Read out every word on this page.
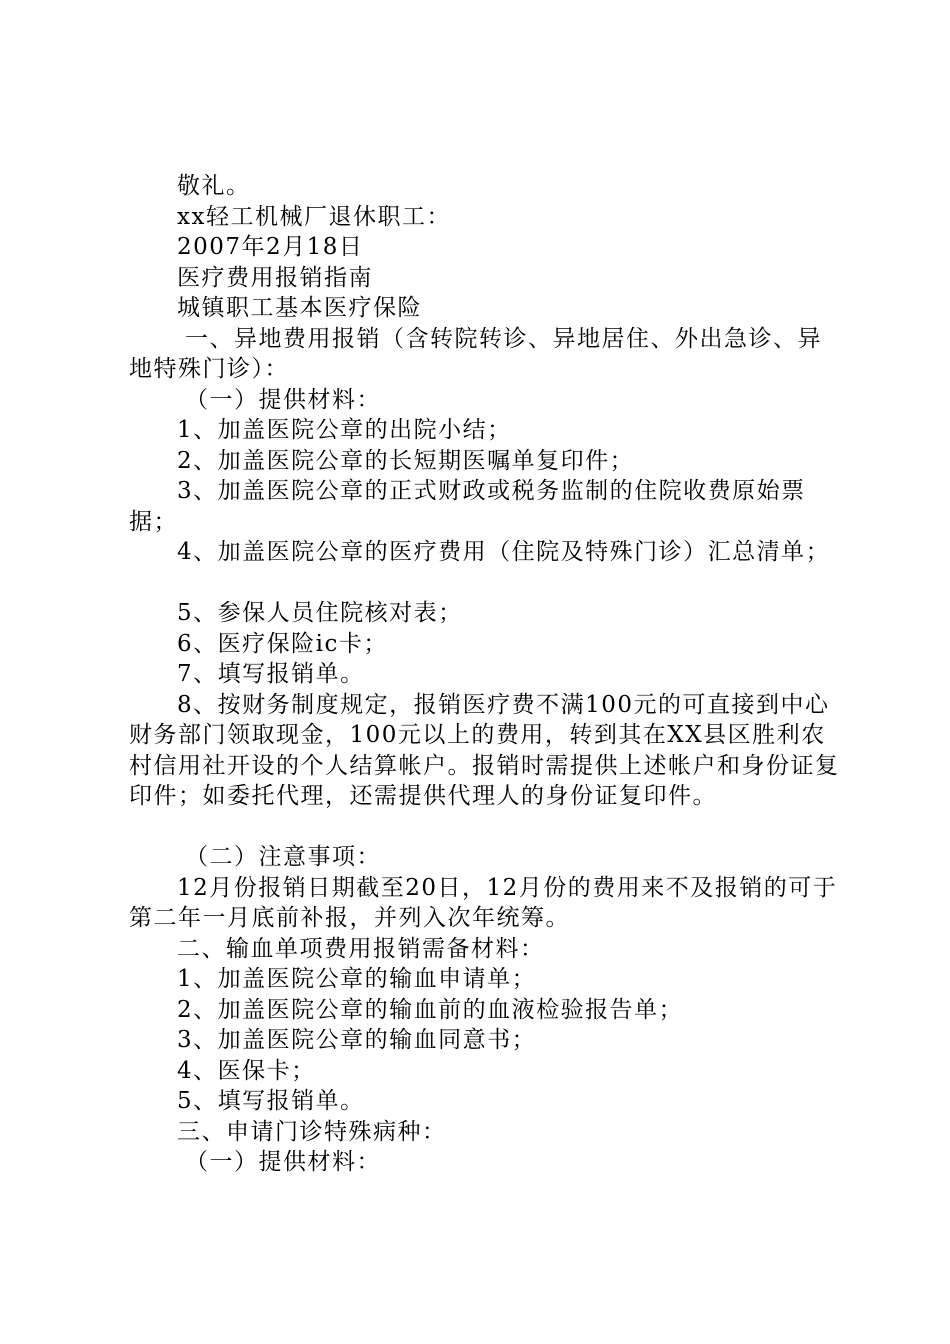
敬礼。

xx轻工机械厂退休职工：

2007年2月18日

医疗费用报销指南

城镇职工基本医疗保险

一、异地费用报销（含转院转诊、异地居住、外出急诊、异地特殊门诊）：

（一）提供材料：

1、加盖医院公章的出院小结；

2、加盖医院公章的长短期医嘱单复印件；

3、加盖医院公章的正式财政或税务监制的住院收费原始票据；

4、加盖医院公章的医疗费用（住院及特殊门诊）汇总清单；

5、参保人员住院核对表；

6、医疗保险ic卡；

7、填写报销单。

8、按财务制度规定，报销医疗费不满100元的可直接到中心财务部门领取现金，100元以上的费用，转到其在XX县区胜利农村信用社开设的个人结算帐户。报销时需提供上述帐户和身份证复印件；如委托代理，还需提供代理人的身份证复印件。

（二）注意事项：

12月份报销日期截至20日，12月份的费用来不及报销的可于第二年一月底前补报，并列入次年统筹。

二、输血单项费用报销需备材料：

1、加盖医院公章的输血申请单；

2、加盖医院公章的输血前的血液检验报告单；

3、加盖医院公章的输血同意书；

4、医保卡；

5、填写报销单。

三、申请门诊特殊病种：

（一）提供材料：
